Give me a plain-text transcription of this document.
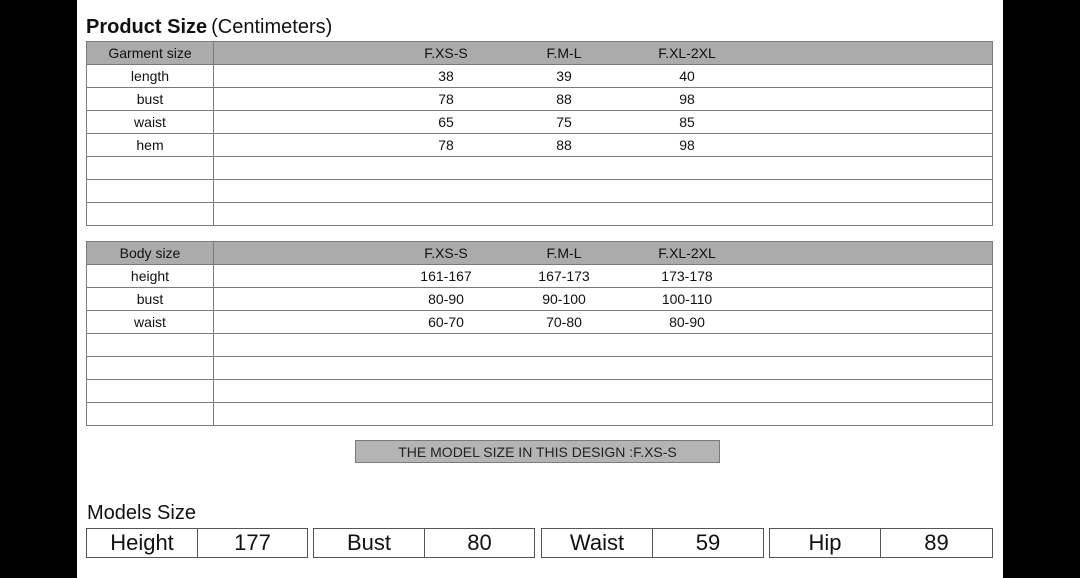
Product Size (Centimeters)
Garment size	F.XS-S F.M-L F.XL-2XL

length	38 39 40

bust	78 88 98

waist	65 75 85

hem	78 88 98

Body size	F.XS-S F.M-L F.XL-2XL

height	161-167 167-173 173-178

bust	80-90 90-100 100-110

waist	60-70 70-80 80-90

THE MODEL SIZE IN THIS DESIGN :F.XS-S
Models Size
Height	177	Bust	80	Waist	59	Hip	89
